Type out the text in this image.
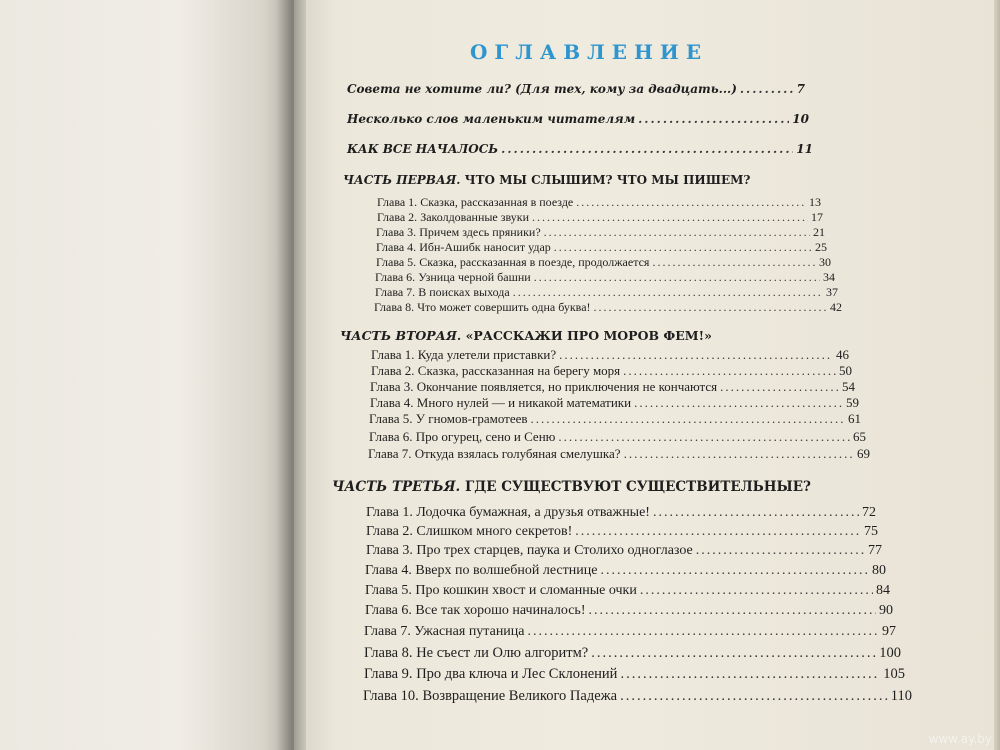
ОГЛАВЛЕНИЕ
Совета не хотите ли? (Для тех, кому за двадцать...) .....	7
Несколько слов маленьким читателям .....	10
КАК ВСЕ НАЧАЛОСЬ .....	11
ЧАСТЬ ПЕРВАЯ. ЧТО МЫ СЛЫШИМ? ЧТО МЫ ПИШЕМ?
Глава 1. Сказка, рассказанная в поезде .....	13
Глава 2. Заколдованные звуки .....	17
Глава 3. Причем здесь пряники? .....	21
Глава 4. Ибн-Ашибк наносит удар .....	25
Глава 5. Сказка, рассказанная в поезде, продолжается .....	30
Глава 6. Узница черной башни .....	34
Глава 7. В поисках выхода .....	37
Глава 8. Что может совершить одна буква! .....	42
ЧАСТЬ ВТОРАЯ. «РАССКАЖИ ПРО МОРОВ ФЕМ!»
Глава 1. Куда улетели приставки? .....	46
Глава 2. Сказка, рассказанная на берегу моря .....	50
Глава 3. Окончание появляется, но приключения не кончаются .....	54
Глава 4. Много нулей — и никакой математики .....	59
Глава 5. У гномов-грамотеев .....	61
Глава 6. Про огурец, сено и Сеню .....	65
Глава 7. Откуда взялась голубяная смелушка? .....	69
ЧАСТЬ ТРЕТЬЯ. ГДЕ СУЩЕСТВУЮТ СУЩЕСТВИТЕЛЬНЫЕ?
Глава 1. Лодочка бумажная, а друзья отважные! .....	72
Глава 2. Слишком много секретов! .....	75
Глава 3. Про трех старцев, паука и Столихо одноглазое .....	77
Глава 4. Вверх по волшебной лестнице .....	80
Глава 5. Про кошкин хвост и сломанные очки .....	84
Глава 6. Все так хорошо начиналось! .....	90
Глава 7. Ужасная путаница .....	97
Глава 8. Не съест ли Олю алгоритм? .....	100
Глава 9. Про два ключа и Лес Склонений .....	105
Глава 10. Возвращение Великого Падежа .....	110
www.ay.by
